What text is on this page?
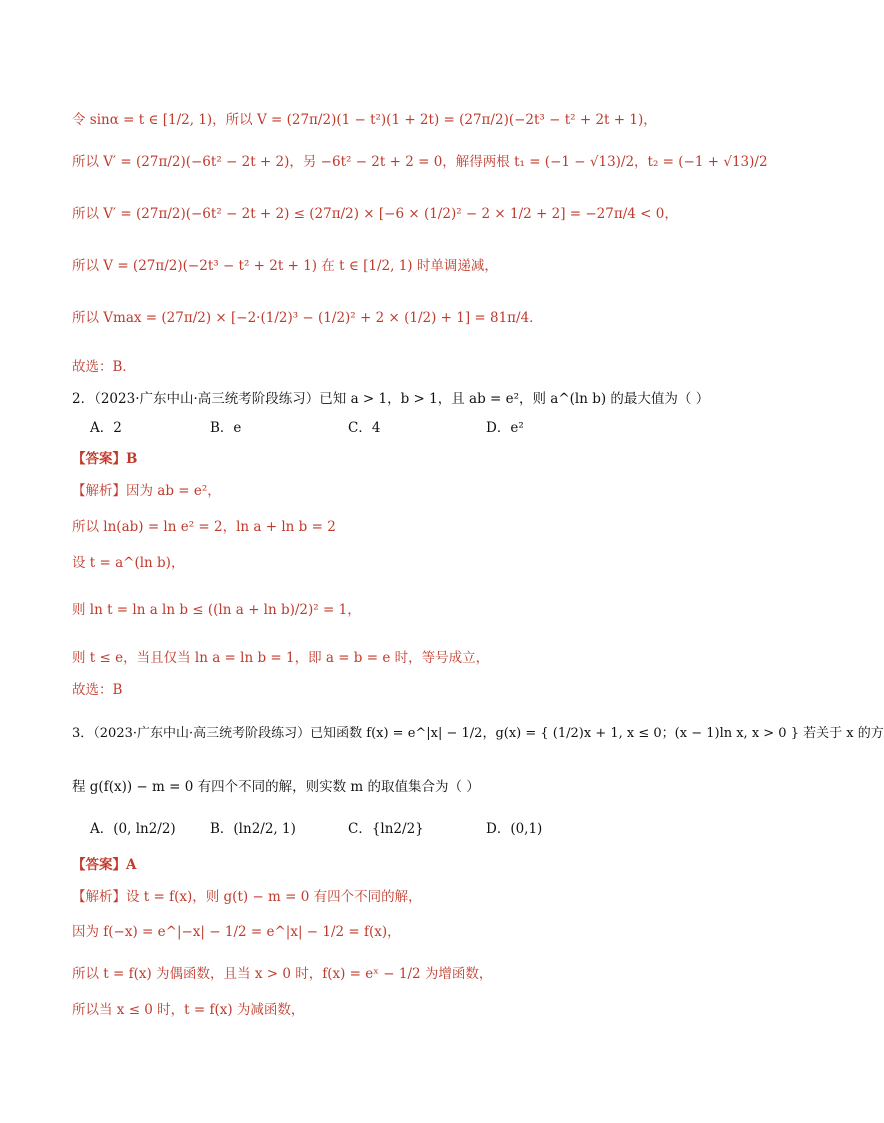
令 sinα = t ∈ [1/2, 1)，所以 V = (27π/2)(1 − t²)(1 + 2t) = (27π/2)(−2t³ − t² + 2t + 1)，
所以 V′ = (27π/2)(−6t² − 2t + 2)，另 −6t² − 2t + 2 = 0，解得两根 t₁ = (−1 − √13)/2，t₂ = (−1 + √13)/2
所以 V′ = (27π/2)(−6t² − 2t + 2) ≤ (27π/2) × [−6 × (1/2)² − 2 × 1/2 + 2] = −27π/4 < 0，
所以 V = (27π/2)(−2t³ − t² + 2t + 1) 在 t ∈ [1/2, 1) 时单调递减，
所以 Vmax = (27π/2) × [−2·(1/2)³ − (1/2)² + 2 × (1/2) + 1] = 81π/4．
故选：B．
2．（2023·广东中山·高三统考阶段练习）已知 a > 1，b > 1，且 ab = e²，则 a^(ln b) 的最大值为（ ）
A．2	B．e	C．4	D．e²
【答案】B
【解析】因为 ab = e²，
所以 ln(ab) = ln e² = 2，ln a + ln b = 2
设 t = a^(ln b)，
则 ln t = ln a ln b ≤ ((ln a + ln b)/2)² = 1，
则 t ≤ e，当且仅当 ln a = ln b = 1，即 a = b = e 时，等号成立，
故选：B
3．（2023·广东中山·高三统考阶段练习）已知函数 f(x) = e^|x| − 1/2，g(x) = { (1/2)x + 1, x ≤ 0；(x − 1)ln x, x > 0 } 若关于 x 的方
程 g(f(x)) − m = 0 有四个不同的解，则实数 m 的取值集合为（ ）
A．(0, ln2/2)	B．(ln2/2, 1)	C．{ln2/2}	D．(0,1)
【答案】A
【解析】设 t = f(x)，则 g(t) − m = 0 有四个不同的解，
因为 f(−x) = e^|−x| − 1/2 = e^|x| − 1/2 = f(x)，
所以 t = f(x) 为偶函数，且当 x > 0 时，f(x) = eˣ − 1/2 为增函数，
所以当 x ≤ 0 时，t = f(x) 为减函数，
